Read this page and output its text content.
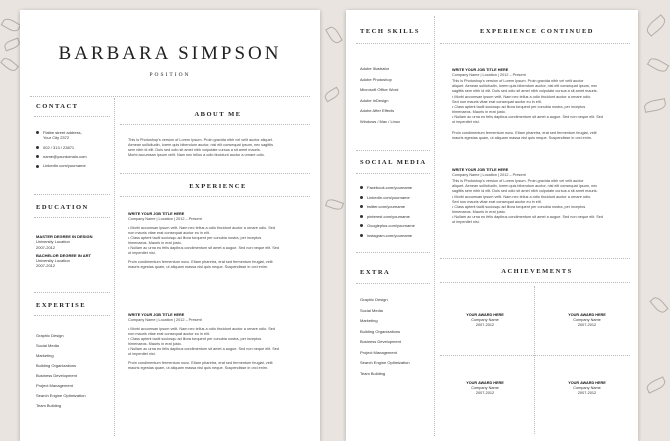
BARBARA SIMPSON
POSITION
CONTACT
Flatbe street address,
Your City 2372
002 / 313 / 23871
name@yourdomain.com
LinkedIn.com/yourname
EDUCATION
MASTER DEGREE IN DESIGN
University Location
2007-2012
BACHELOR DEGREE IN ART
University Location
2007-2012
EXPERTISE
Graphic Design
Social Media
Marketing
Building Organizations
Business Development
Project Management
Search Engine Optimization
Team Building
ABOUT ME
This is Photoshop's version of Lorem Ipsum. Proin gravida nibh vel velit auctor aliquet.
Aenean sollicitudin, lorem quis bibendum auctor, nisi elit consequat ipsum, nec sagittis
sem nibh id elit. Duis sed odio sit amet nibh vulputate cursus a sit amet mauris.
Morbi accumsan ipsum velit. Nam nec tellus a odio tincidunt auctor a ornare odio.
EXPERIENCE
WRITE YOUR JOB TITLE HERE
Company Name | Location | 2012 – Present
• Morbi accumsan ipsum velit. Nam nec tellus a odio tincidunt auctor a ornare odio. Sed
non mauris vitae erat consequat auctor eu in elit.
• Class aptent taciti sociosqu ad litora torquent per conubia nostra, per inceptos
himenaeos. Mauris in erat justo.
• Nullam ac urna eu felis dapibus condimentum sit amet a augue. Sed non neque elit. Sed
ut imperdiet nisi.
Proin condimentum fermentum nunc. Etiam pharetra, erat sed fermentum feugiat, velit
mauris egestas quam, ut aliquam massa nisl quis neque. Suspendisse in orci enim.
WRITE YOUR JOB TITLE HERE
Company Name | Location | 2012 – Present
• Morbi accumsan ipsum velit. Nam nec tellus a odio tincidunt auctor a ornare odio. Sed
non mauris vitae erat consequat auctor eu in elit.
• Class aptent taciti sociosqu ad litora torquent per conubia nostra, per inceptos
himenaeos. Mauris in erat justo.
• Nullam ac urna eu felis dapibus condimentum sit amet a augue. Sed non neque elit. Sed
ut imperdiet nisi.
Proin condimentum fermentum nunc. Etiam pharetra, erat sed fermentum feugiat, velit
mauris egestas quam, ut aliquam massa nisl quis neque. Suspendisse in orci enim.
TECH SKILLS
Adobe Illustrator
Adobe Photoshop
Microsoft Office Word
Adobe InDesign
Adobe After Effects
Windows / Mac / Linux
SOCIAL MEDIA
Facebook.com/yourname
LinkedIn.com/yourname
twitter.com/yourname
pinterest.com/yourname
Googleplus.com/yourname
instagram.com/yourname
EXTRA
Graphic Design
Social Media
Marketing
Building Organizations
Business Development
Project Management
Search Engine Optimization
Team Building
EXPERIENCE CONTINUED
WRITE YOUR JOB TITLE HERE
Company Name | Location | 2012 – Present
This is Photoshop's version of Lorem Ipsum. Proin gravida nibh vel velit auctor
aliquet. Aenean sollicitudin, lorem quis bibendum auctor, nisi elit consequat ipsum, nec
sagittis sem nibh id elit. Duis sed odio sit amet nibh vulputate cursus a sit amet mauris.
• Morbi accumsan ipsum velit. Nam nec tellus a odio tincidunt auctor a ornare odio.
Sed non mauris vitae erat consequat auctor eu in elit.
• Class aptent taciti sociosqu ad litora torquent per conubia nostra, per inceptos
himenaeos. Mauris in erat justo.
• Nullam ac urna eu felis dapibus condimentum sit amet a augue. Sed non neque elit. Sed
ut imperdiet nisi.
Proin condimentum fermentum nunc. Etiam pharetra, erat sed fermentum feugiat, velit
mauris egestas quam, ut aliquam massa nisl quis neque. Suspendisse in orci enim.
WRITE YOUR JOB TITLE HERE
Company Name | Location | 2012 – Present
This is Photoshop's version of Lorem Ipsum. Proin gravida nibh vel velit auctor
aliquet. Aenean sollicitudin, lorem quis bibendum auctor, nisi elit consequat ipsum, nec
sagittis sem nibh id elit. Duis sed odio sit amet nibh vulputate cursus a sit amet mauris.
• Morbi accumsan ipsum velit. Nam nec tellus a odio tincidunt auctor a ornare odio.
Sed non mauris vitae erat consequat auctor eu in elit.
• Class aptent taciti sociosqu ad litora torquent per conubia nostra, per inceptos
himenaeos. Mauris in erat justo.
• Nullam ac urna eu felis dapibus condimentum sit amet a augue. Sed non neque elit. Sed
ut imperdiet nisi.
ACHIEVEMENTS
YOUR AWARD HERE
Company Name
2007-2012
YOUR AWARD HERE
Company Name
2007-2012
YOUR AWARD HERE
Company Name
2007-2012
YOUR AWARD HERE
Company Name
2007-2012
